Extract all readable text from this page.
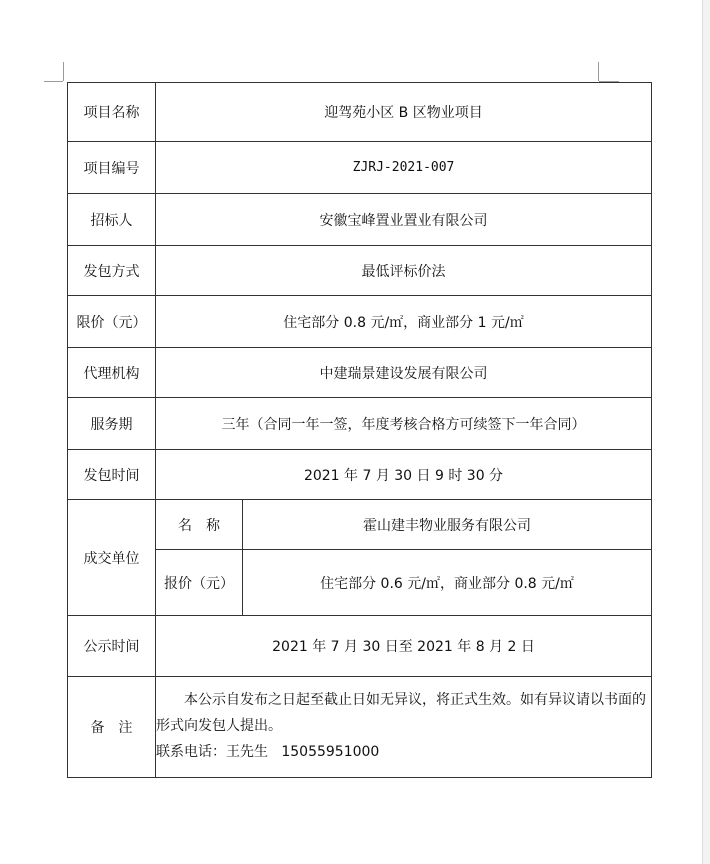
项目名称	迎驾苑小区 B 区物业项目	
项目编号	ZJRJ-2021-007	
招标人	安徽宝峰置业置业有限公司	
发包方式	最低评标价法	
限价（元）	住宅部分 0.8 元/㎡，商业部分 1 元/㎡	
代理机构	中建瑞景建设发展有限公司	
服务期	三年（合同一年一签，年度考核合格方可续签下一年合同）	
发包时间	2021 年 7 月 30 日 9 时 30 分	
成交单位	名　称	霍山建丰物业服务有限公司
	报价（元）	住宅部分 0.6 元/㎡，商业部分 0.8 元/㎡
公示时间	2021 年 7 月 30 日至 2021 年 8 月 2 日	
备　注	本公示自发布之日起至截止日如无异议，将正式生效。如有异议请以书面的形式向发包人提出。

联系电话：王先生 15055951000	
